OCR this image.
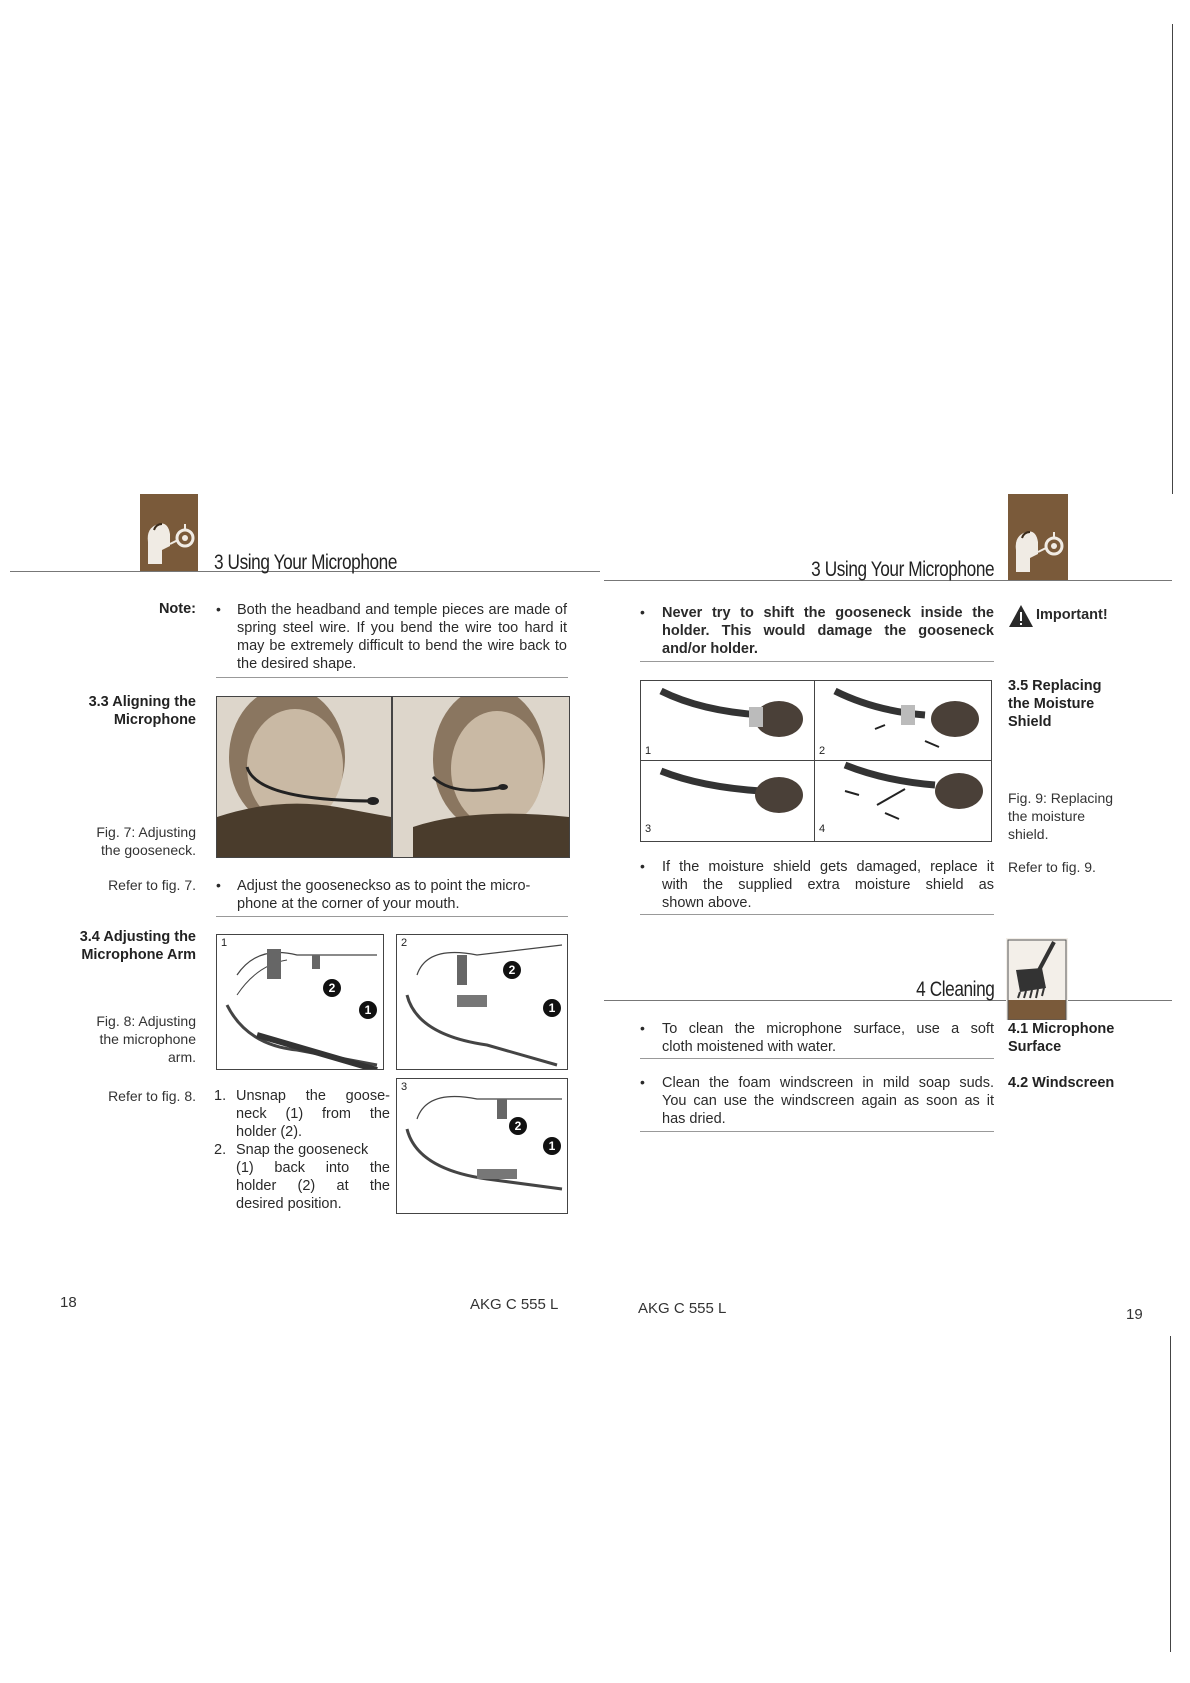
3 Using Your Microphone
Note: • Both the headband and temple pieces are made of spring steel wire. If you bend the wire too hard it may be extremely difficult to bend the wire back to the desired shape.
3.3 Aligning the
Microphone
Fig. 7: Adjusting
the gooseneck.
Refer to fig. 7. • Adjust the gooseneckso as to point the micro-
phone at the corner of your mouth.
3.4 Adjusting the
Microphone Arm
1
2
1
2
2
1
Fig. 8: Adjusting
the microphone
arm.
Refer to fig. 8. 1. Unsnap the goose-
neck (1) from the
holder (2).
2. Snap the gooseneck
(1) back into the
holder (2) at the
desired position.
3
2
1
18	AKG C 555 L
3 Using Your Microphone
• Never try to shift the gooseneck inside the
holder. This would damage the gooseneck
and/or holder.
Important!
1	2
3	4
3.5 Replacing
the Moisture
Shield
Fig. 9: Replacing
the moisture
shield.
• If the moisture shield gets damaged, replace it
with the supplied extra moisture shield as
shown above.
Refer to fig. 9.
4 Cleaning
• To clean the microphone surface, use a soft
cloth moistened with water.
4.1 Microphone
Surface
• Clean the foam windscreen in mild soap suds.
You can use the windscreen again as soon as it
has dried.
4.2 Windscreen
AKG C 555 L	19
